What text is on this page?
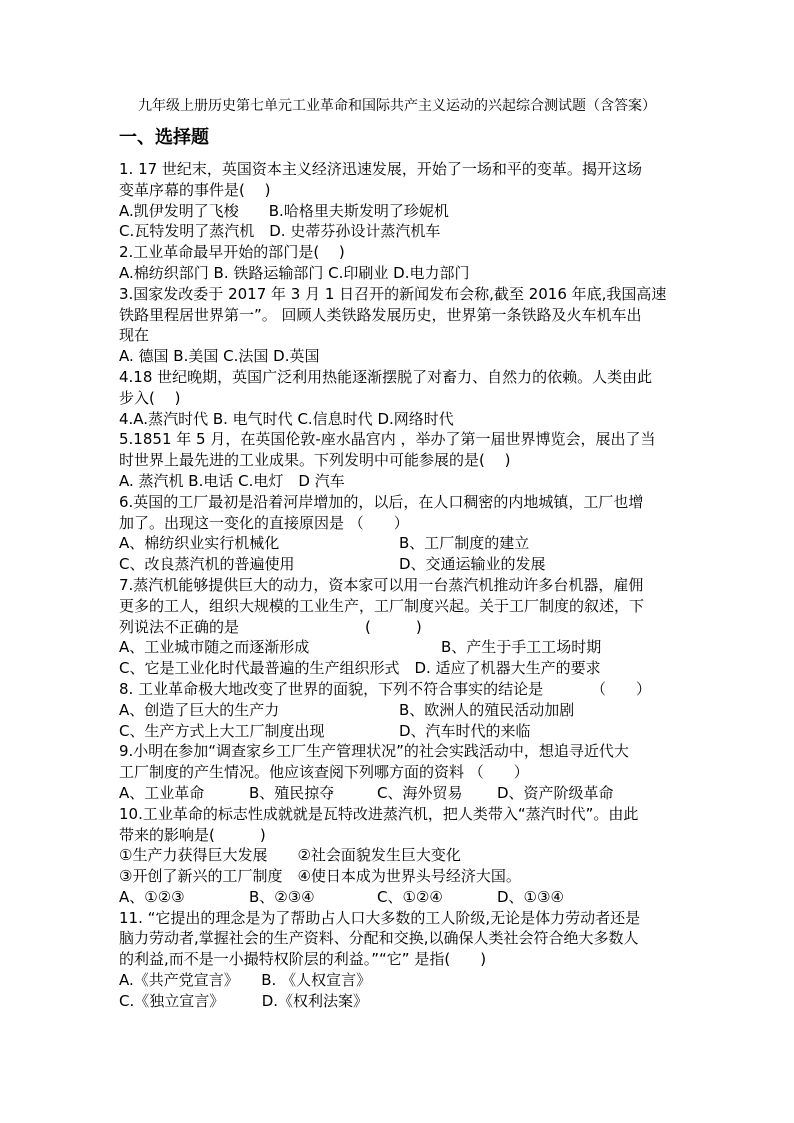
九年级上册历史第七单元工业革命和国际共产主义运动的兴起综合测试题（含答案）
一、选择题
1. 17 世纪末，英国资本主义经济迅速发展，开始了一场和平的变革。揭开这场
变革序幕的事件是(　 )
A.凯伊发明了飞梭　　B.哈格里夫斯发明了珍妮机
C.瓦特发明了蒸汽机　D. 史蒂芬孙设计蒸汽机车
2.工业革命最早开始的部门是(　 )
A.棉纺织部门 B. 铁路运输部门 C.印刷业 D.电力部门
3.国家发改委于 2017 年 3 月 1 日召开的新闻发布会称,截至 2016 年底,我国高速
铁路里程居世界第一”。 回顾人类铁路发展历史，世界第一条铁路及火车机车出
现在
A. 德国 B.美国 C.法国 D.英国
4.18 世纪晚期，英国广泛利用热能逐渐摆脱了对畜力、自然力的依赖。人类由此
步入(　 )
4.A.蒸汽时代 B. 电气时代 C.信息时代 D.网络时代
5.1851 年 5 月，在英国伦敦-座水晶宫内 ，举办了第一届世界博览会，展出了当
时世界上最先进的工业成果。下列发明中可能参展的是(　 )
A. 蒸汽机 B.电话 C.电灯　D 汽车
6.英国的工厂最初是沿着河岸增加的，以后，在人口稠密的内地城镇，工厂也增
加了。出现这一变化的直接原因是 （　　）
A、棉纺织业实行机械化	B、工厂制度的建立
C、改良蒸汽机的普遍使用	D、交通运输业的发展
7.蒸汽机能够提供巨大的动力，资本家可以用一台蒸汽机推动许多台机器，雇佣
更多的工人，组织大规模的工业生产，工厂制度兴起。关于工厂制度的叙述，下
列说法不正确的是	(　　　)
A、工业城市随之而逐渐形成	B、产生于手工工场时期
C、它是工业化时代最普遍的生产组织形式　D. 适应了机器大生产的要求
8. 工业革命极大地改变了世界的面貌，下列不符合事实的结论是	（　　）
A、创造了巨大的生产力	B、欧洲人的殖民活动加剧
C、生产方式上大工厂制度出现	D、汽车时代的来临
9.小明在参加“调查家乡工厂生产管理状况”的社会实践活动中，想追寻近代大
工厂制度的产生情况。他应该查阅下列哪方面的资料 （　　）
A、工业革命	B、殖民掠夺	C、海外贸易 D、资产阶级革命
10.工业革命的标志性成就就是瓦特改进蒸汽机，把人类带入“蒸汽时代”。由此
带来的影响是(　　　)
①生产力获得巨大发展　　②社会面貌发生巨大变化
③开创了新兴的工厂制度　④使日本成为世界头号经济大国。
A、①②③	B、②③④	C、①②④	D、①③④
11. “它提出的理念是为了帮助占人口大多数的工人阶级,无论是体力劳动者还是
脑力劳动者,掌握社会的生产资料、分配和交换,以确保人类社会符合绝大多数人
的利益,而不是一小撮特权阶层的利益。”“它” 是指(　　)
A.《共产党宣言》　　B. 《人权宣言》
C.《独立宣言》　　　D.《权利法案》
